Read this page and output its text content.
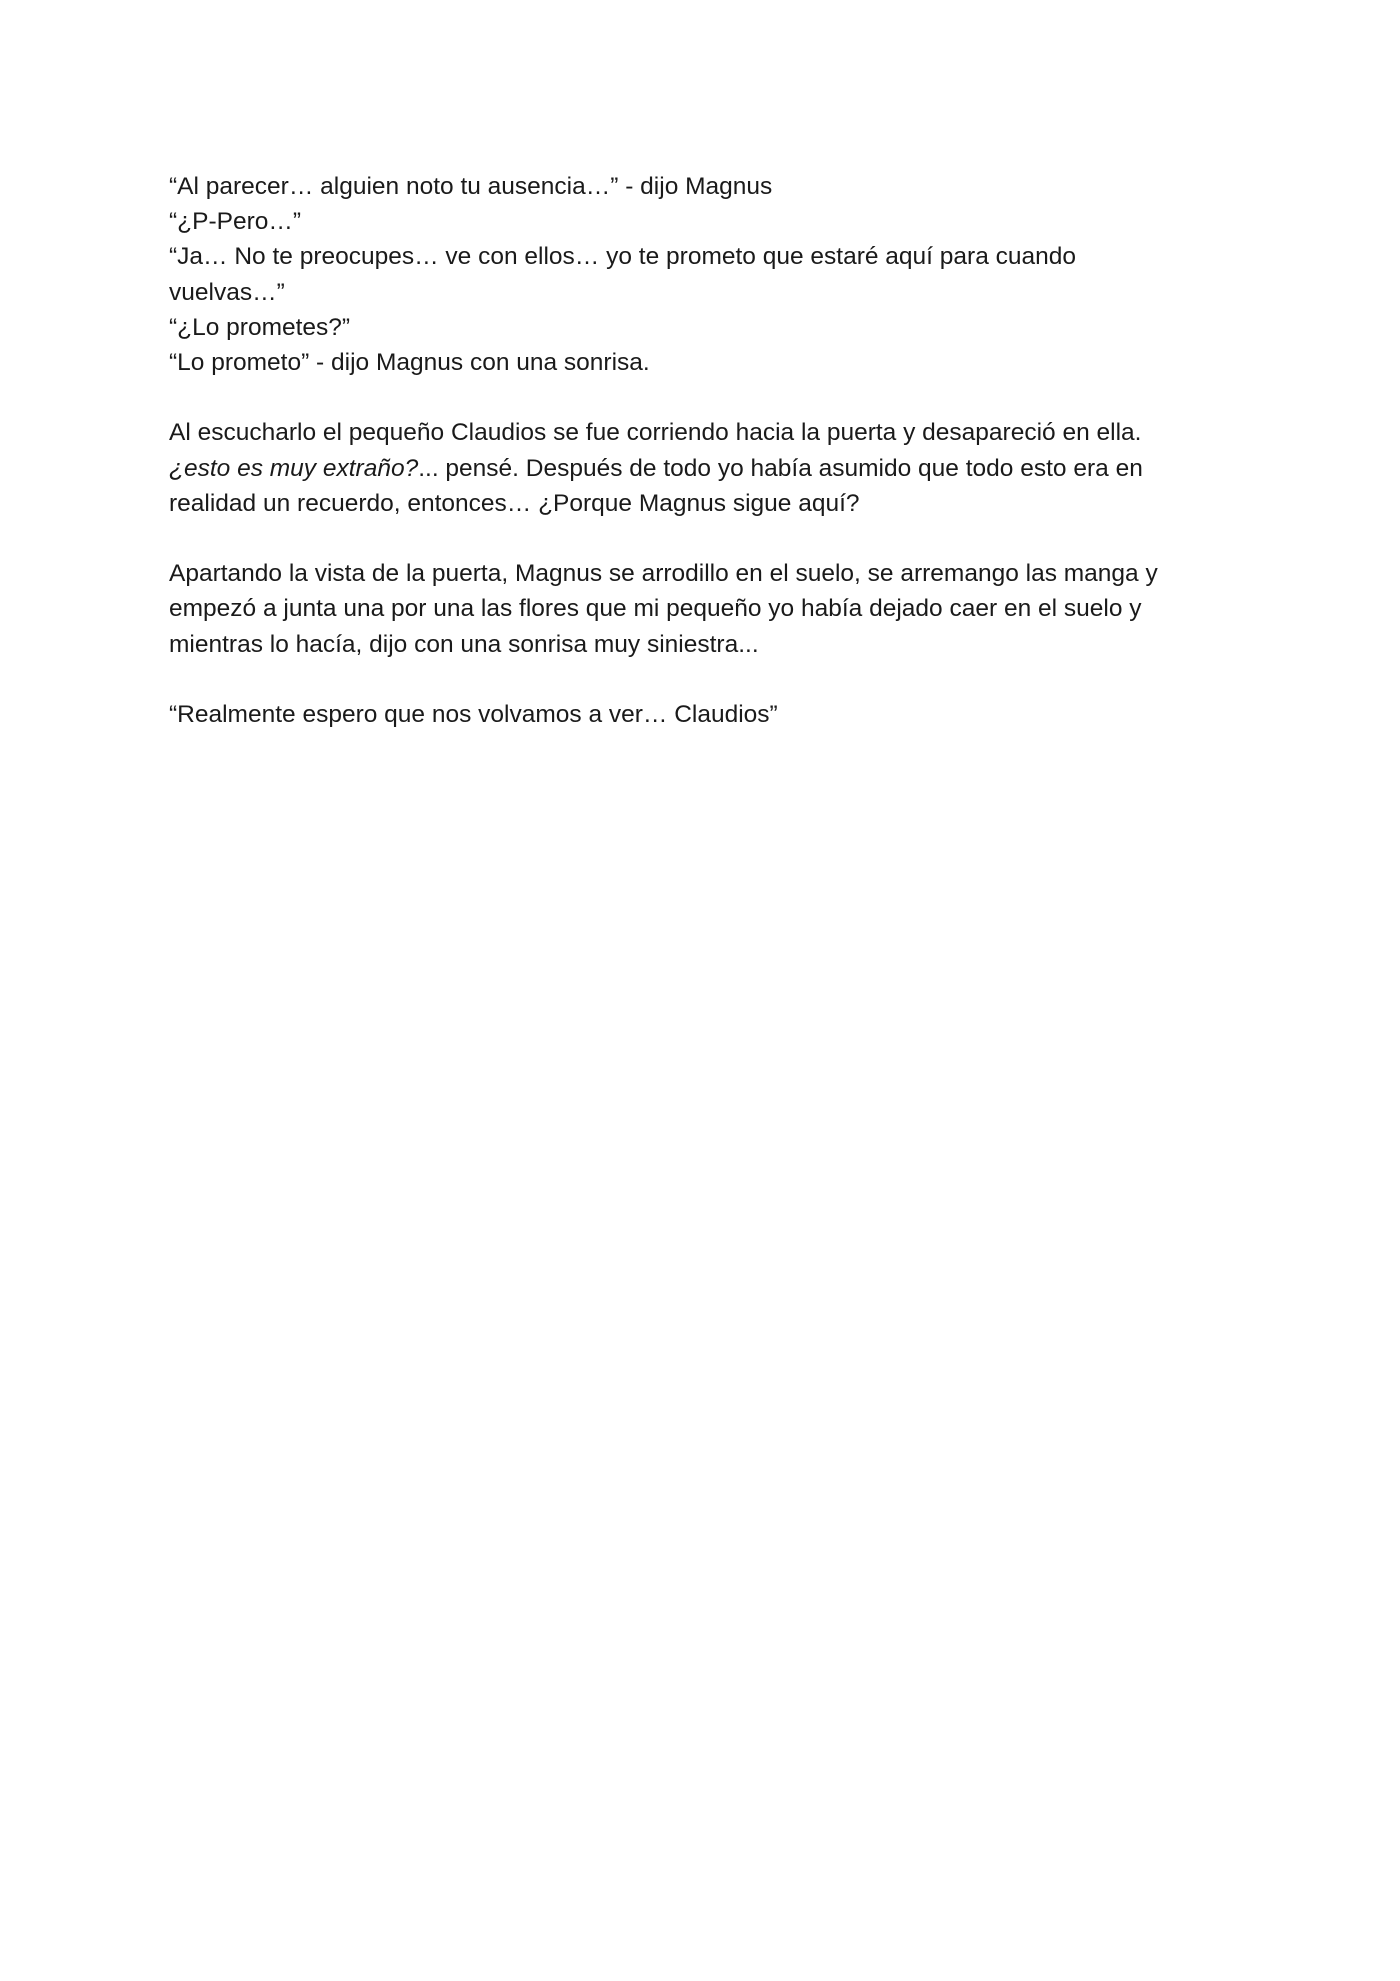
“Al parecer… alguien noto tu ausencia…” - dijo Magnus

“¿P-Pero…”

“Ja… No te preocupes… ve con ellos… yo te prometo que estaré aquí para cuando

vuelvas…”

“¿Lo prometes?”

“Lo prometo” - dijo Magnus con una sonrisa.

Al escucharlo el pequeño Claudios se fue corriendo hacia la puerta y desapareció en ella.

¿esto es muy extraño?... pensé. Después de todo yo había asumido que todo esto era en

realidad un recuerdo, entonces… ¿Porque Magnus sigue aquí?

Apartando la vista de la puerta, Magnus se arrodillo en el suelo, se arremango las manga y

empezó a junta una por una las flores que mi pequeño yo había dejado caer en el suelo y

mientras lo hacía, dijo con una sonrisa muy siniestra...

“Realmente espero que nos volvamos a ver… Claudios”
